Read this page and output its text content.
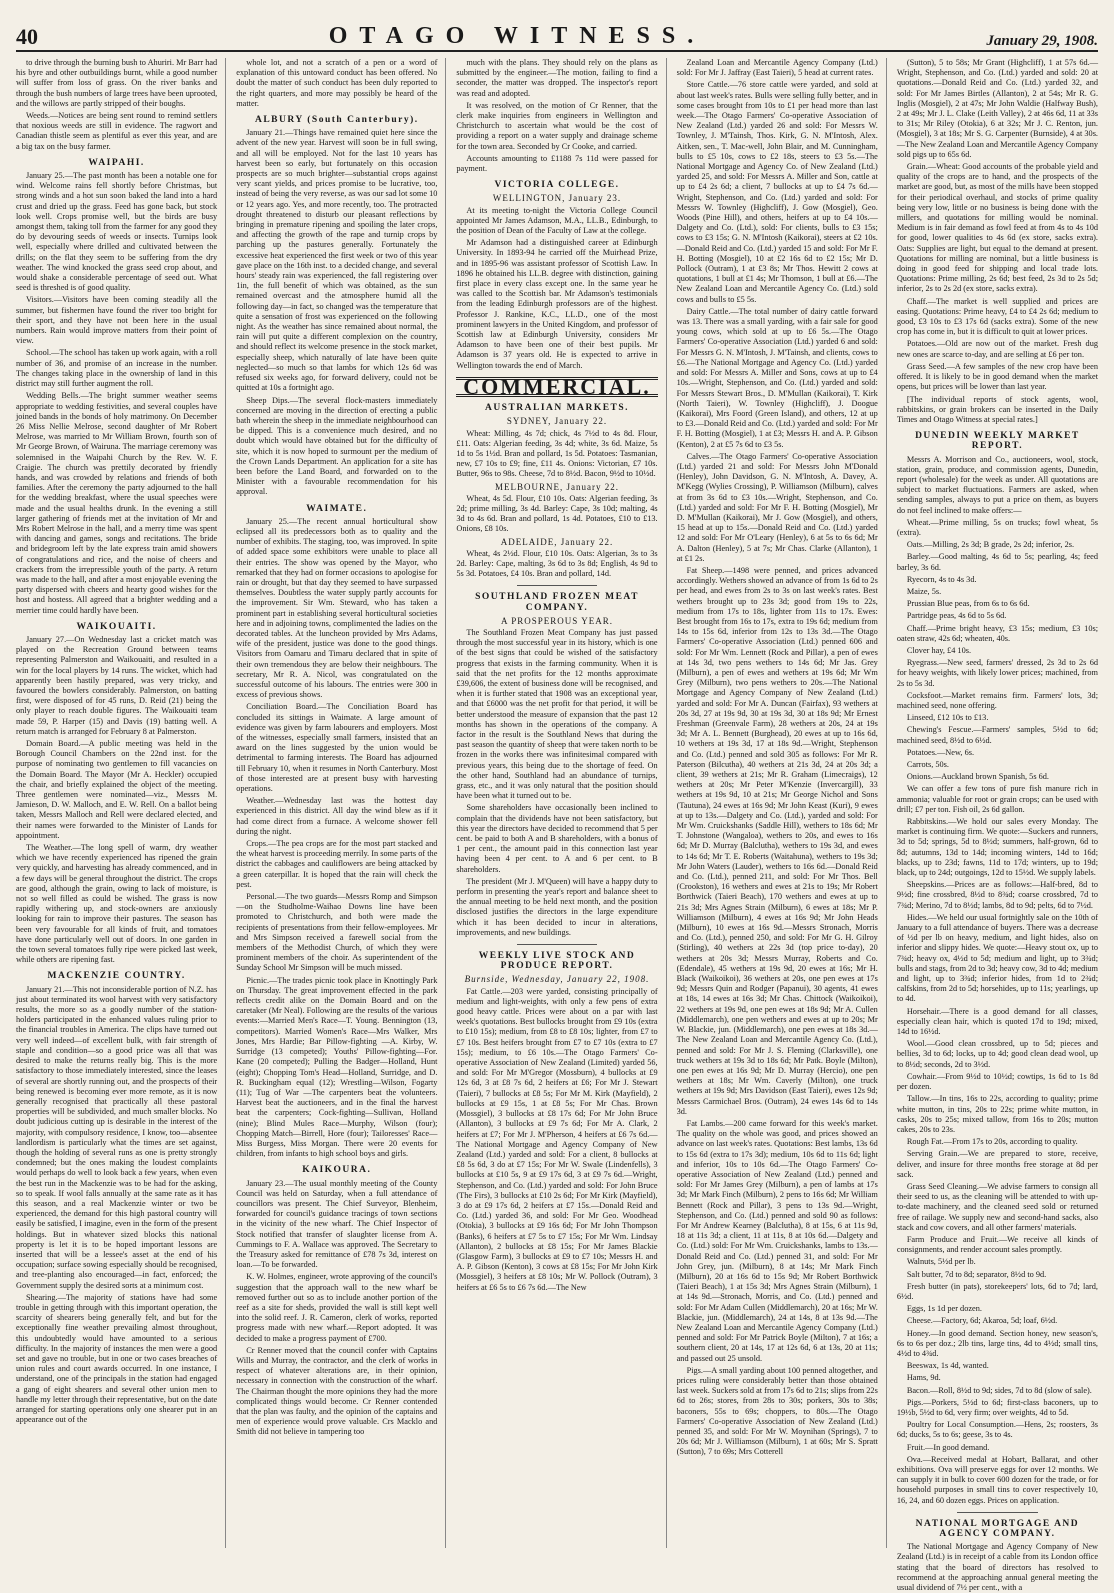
40	OTAGO WITNESS.	January 29, 1908.

to drive through the burning bush to Ahuriri. Mr Barr had his byre and other outbuildings burnt, while a good number will suffer from loss of grass. On the river banks and through the bush numbers of large trees have been uprooted, and the willows are partly stripped of their boughs.

Weeds.—Notices are being sent round to remind settlers that noxious weeds are still in evidence. The ragwort and Canadian thistle seem as plentiful as ever this year, and are a big tax on the busy farmer.

WAIPAHI.

January 25.—The past month has been a notable one for wind. Welcome rains fell shortly before Christmas, but strong winds and a hot sun soon baked the land into a hard crust and dried up the grass. Feed has gone back, but stock look well. Crops promise well, but the birds are busy amongst them, taking toll from the farmer for any good they do by devouring seeds of weeds or insects. Turnips look well, especially where drilled and cultivated between the drills; on the flat they seem to be suffering from the dry weather. The wind knocked the grass seed crop about, and would shake a considerable percentage of seed out. What seed is threshed is of good quality.

Visitors.—Visitors have been coming steadily all the summer, but fishermen have found the river too bright for their sport, and they have not been here in the usual numbers. Rain would improve matters from their point of view.

School.—The school has taken up work again, with a roll number of 36, and promise of an increase in the number. The changes taking place in the ownership of land in this district may still further augment the roll.

Wedding Bells.—The bright summer weather seems appropriate to wedding festivities, and several couples have joined bands in the bonds of holy matrimony. On December 26 Miss Nellie Melrose, second daughter of Mr Robert Melrose, was married to Mr William Brown, fourth son of Mr George Brown, of Wairuna. The marriage ceremony was solemnised in the Waipahi Church by the Rev. W. F. Craigie. The church was prettily decorated by friendly hands, and was crowded by relations and friends of both families. After the ceremony the party adjourned to the hall for the wedding breakfast, where the usual speeches were made and the usual healths drunk. In the evening a still larger gathering of friends met at the invitation of Mr and Mrs Robert Melrose in the hall, and a merry time was spent with dancing and games, songs and recitations. The bride and bridegroom left by the late express train amid showers of congratulations and rice, and the noise of cheers and crackers from the irrepressible youth of the party. A return was made to the hall, and after a most enjoyable evening the party dispersed with cheers and hearty good wishes for the host and hostess. All agreed that a brighter wedding and a merrier time could hardly have been.

WAIKOUAITI.

January 27.—On Wednesday last a cricket match was played on the Recreation Ground between teams representing Palmerston and Waikouaiti, and resulted in a win for the local players by 14 runs. The wicket, which had apparently been hastily prepared, was very tricky, and favoured the bowlers considerably. Palmerston, on batting first, were disposed of for 45 runs, D. Reid (21) being the only player to reach double figures. The Waikouaiti team made 59, P. Harper (15) and Davis (19) batting well. A return match is arranged for February 8 at Palmerston.

Domain Board.—A public meeting was held in the Borough Council Chambers on the 22nd inst. for the purpose of nominating two gentlemen to fill vacancies on the Domain Board. The Mayor (Mr A. Heckler) occupied the chair, and briefly explained the object of the meeting. Three gentlemen were nominated—viz., Messrs M. Jamieson, D. W. Malloch, and E. W. Rell. On a ballot being taken, Messrs Malloch and Rell were declared elected, and their names were forwarded to the Minister of Lands for appointment.

The Weather.—The long spell of warm, dry weather which we have recently experienced has ripened the grain very quickly, and harvesting has already commenced, and in a few days will be general throughout the district. The crops are good, although the grain, owing to lack of moisture, is not so well filled as could be wished. The grass is now rapidly withering up, and stock-owners are anxiously looking for rain to improve their pastures. The season has been very favourable for all kinds of fruit, and tomatoes have done particularly well out of doors. In one garden in the town several tomatoes fully ripe were picked last week, while others are ripening fast.

MACKENZIE COUNTRY.

January 21.—This not inconsiderable portion of N.Z. has just about terminated its wool harvest with very satisfactory results, the more so as a goodly number of the station-holders participated in the enhanced values ruling prior to the financial troubles in America. The clips have turned out very well indeed—of excellent bulk, with fair strength of staple and condition—so a good price was all that was desired to make the returns really big. This is the more satisfactory to those immediately interested, since the leases of several are shortly running out, and the prospects of their being renewed is becoming ever more remote, as it is now generally recognised that practically all these pastoral properties will be subdivided, and much smaller blocks. No doubt judicious cutting up is desirable in the interest of the majority, with compulsory residence, I know, too—absentee landlordism is particularly what the times are set against, though the holding of several runs as one is pretty strongly condemned; but the ones making the loudest complaints would perhaps do well to look back a few years, when even the best run in the Mackenzie was to be had for the asking, so to speak. If wool falls annually at the same rate as it has this season, and a real Mackenzie winter or two be experienced, the demand for this high pastoral country will easily be satisfied, I imagine, even in the form of the present holdings. But in whatever sized blocks this national property is let it is to be hoped important lessons are inserted that will be a lessee's asset at the end of his occupation; surface sowing especially should be recognised, and tree-planting also encouraged—in fact, enforced; the Government supply the desired sorts at a minimum cost.

Shearing.—The majority of stations have had some trouble in getting through with this important operation, the scarcity of shearers being generally felt, and but for the exceptionally fine weather prevailing almost throughout, this undoubtedly would have amounted to a serious difficulty. In the majority of instances the men were a good set and gave no trouble, but in one or two cases breaches of union rules and court awards occurred. In one instance, I understand, one of the principals in the station had engaged a gang of eight shearers and several other union men to handle my letter through their representative, but on the date arranged for starting operations only one shearer put in an appearance out of the

whole lot, and not a scratch of a pen or a word of explanation of this untoward conduct has been offered. No doubt the matter of such conduct has been duly reported to the right quarters, and more may possibly be heard of the matter.

ALBURY (South Canterbury).

January 21.—Things have remained quiet here since the advent of the new year. Harvest will soon be in full swing, and all will be employed. Not for the last 10 years has harvest been so early, but fortunately on this occasion prospects are so much brighter—substantial crops against very scant yields, and prices promise to be lucrative, too, instead of being the very reverse, as was our sad lot some 10 or 12 years ago. Yes, and more recently, too. The protracted drought threatened to disturb our pleasant reflections by bringing in premature ripening and spoiling the later crops, and affecting the growth of the rape and turnip crops by parching up the pastures generally. Fortunately the excessive heat experienced the first week or two of this year gave place on the 16th inst. to a decided change, and several hours' steady rain was experienced, the fall registering over 1in, the full benefit of which was obtained, as the sun remained overcast and the atmosphere humid all the following day—in fact, so changed was the temperature that quite a sensation of frost was experienced on the following night. As the weather has since remained about normal, the rain will put quite a different complexion on the country, and should reflect its welcome presence in the stock market, especially sheep, which naturally of late have been quite neglected—so much so that lambs for which 12s 6d was refused six weeks ago, for forward delivery, could not be quitted at 10s a fortnight ago.

Sheep Dips.—The several flock-masters immediately concerned are moving in the direction of erecting a public bath wherein the sheep in the immediate neighbourhood can be dipped. This is a convenience much desired, and no doubt which would have obtained but for the difficulty of site, which it is now hoped to surmount per the medium of the Crown Lands Department. An application for a site has been before the Land Board, and forwarded on to the Minister with a favourable recommendation for his approval.

WAIMATE.

January 25.—The recent annual horticultural show eclipsed all its predecessors both as to quality and the number of exhibits. The staging, too, was improved. In spite of added space some exhibitors were unable to place all their entries. The show was opened by the Mayor, who remarked that they had on former occasions to apologise for rain or drought, but that day they seemed to have surpassed themselves. Doubtless the water supply partly accounts for the improvement. Sir Wm. Steward, who has taken a prominent part in establishing several horticultural societies here and in adjoining towns, complimented the ladies on the decorated tables. At the luncheon provided by Mrs Adams, wife of the president, justice was done to the good things. Visitors from Oamaru and Timaru declared that in spite of their own tremendous they are below their neighbours. The secretary, Mr R. A. Nicol, was congratulated on the successful outcome of his labours. The entries were 300 in excess of previous shows.

Conciliation Board.—The Conciliation Board has concluded its sittings in Waimate. A large amount of evidence was given by farm labourers and employers. Most of the witnesses, especially small farmers, insisted that an award on the lines suggested by the union would be detrimental to farming interests. The Board has adjourned till February 10, when it resumes in North Canterbury. Most of those interested are at present busy with harvesting operations.

Weather.—Wednesday last was the hottest day experienced in this district. All day the wind blew as if it had come direct from a furnace. A welcome shower fell during the night.

Crops.—The pea crops are for the most part stacked and the wheat harvest is proceeding merrily. In some parts of the district the cabbages and cauliflowers are being attacked by a green caterpillar. It is hoped that the rain will check the pest.

Personal.—The two guards—Messrs Romp and Simpson—on the Studholme-Waihao Downs line have been promoted to Christchurch, and both were made the recipients of presentations from their fellow-employees. Mr and Mrs Simpson received a farewell social from the members of the Methodist Church, of which they were prominent members of the choir. As superintendent of the Sunday School Mr Simpson will be much missed.

Picnic.—The trades picnic took place in Knottingly Park on Thursday. The great improvement effected in the park reflects credit alike on the Domain Board and on the caretaker (Mr Neal). Following are the results of the various events:—Married Men's Race—T. Young. Bennington (13, competitors). Married Women's Race—Mrs Walker, Mrs Jones, Mrs Hardie; Bar Pillow-fighting —A. Kirby, W. Surridge (13 competed); Youths' Pillow-fighting—For. Kane (20 competed); Pulling the Badger—Holland, Hunt (eight); Chopping Tom's Head—Holland, Surridge, and D. R. Buckingham equal (12); Wrestling—Wilson, Fogarty (11); Tug of War —The carpenters beat the volunteers. Harvest beat the auctioneers, and in the final the harvest beat the carpenters; Cock-fighting—Sullivan, Holland (nine); Blind Mules Race—Murphy, Wilson (four); Chopping Match—Birrell, Hore (four); Tailoresses' Race—Miss Burgess, Miss Morgan. There were 20 events for children, from infants to high school boys and girls.

KAIKOURA.

January 23.—The usual monthly meeting of the County Council was held on Saturday, when a full attendance of councillors was present. The Chief Surveyor, Blenheim, forwarded for council's guidance tracings of town sections in the vicinity of the new wharf. The Chief Inspector of Stock notified that transfer of slaughter license from A. Cummings to F. A. Wallace was approved. The Secretary to the Treasury asked for remittance of £78 7s 3d, interest on loan.—To be forwarded.

K. W. Holmes, engineer, wrote approving of the council's suggestion that the approach wall to the new wharf be removed further out so as to include another portion of the reef as a site for sheds, provided the wall is still kept well into the solid reef. J. R. Cameron, clerk of works, reported progress made with new wharf.—Report adopted. It was decided to make a progress payment of £700.

Cr Renner moved that the council confer with Captains Wills and Murray, the contractor, and the clerk of works in respect of whatever alterations are, in their opinion, necessary in connection with the construction of the wharf. The Chairman thought the more opinions they had the more complicated things would become. Cr Renner contended that the plan was faulty, and the opinion of the captains and men of experience would prove valuable. Crs Macklo and Smith did not believe in tampering too

much with the plans. They should rely on the plans as submitted by the engineer.—The motion, failing to find a seconder, the matter was dropped. The inspector's report was read and adopted.

It was resolved, on the motion of Cr Renner, that the clerk make inquiries from engineers in Wellington and Christchurch to ascertain what would be the cost of providing a report on a water supply and drainage scheme for the town area. Seconded by Cr Cooke, and carried.

Accounts amounting to £1188 7s 11d were passed for payment.

VICTORIA COLLEGE.
WELLINGTON, January 23.

At its meeting to-night the Victoria College Council appointed Mr James Adamson, M.A., LL.B., Edinburgh, to the position of Dean of the Faculty of Law at the college.

Mr Adamson had a distinguished career at Edinburgh University. In 1893-94 he carried off the Muirhead Prize, and in 1895-96 was assistant professor of Scottish Law. In 1896 he obtained his LL.B. degree with distinction, gaining first place in every class except one. In the same year he was called to the Scottish bar. Mr Adamson's testimonials from the leading Edinburgh professors are of the highest. Professor J. Rankine, K.C., LL.D., one of the most prominent lawyers in the United Kingdom, and professor of Scottish law at Edinburgh University, considers Mr Adamson to have been one of their best pupils. Mr Adamson is 37 years old. He is expected to arrive in Wellington towards the end of March.

COMMERCIAL.
AUSTRALIAN MARKETS.
SYDNEY, January 22.

Wheat: Milling, 4s 7d; chick, 4s 7½d to 4s 8d. Flour, £11. Oats: Algerian feeding, 3s 4d; white, 3s 6d. Maize, 5s 1d to 5s 1½d. Bran and pollard, 1s 5d. Potatoes: Tasmanian, new, £7 10s to £9; fine, £11 4s. Onions: Victorian, £7 10s. Butter, 96s to 98s. Cheese, 7d to 8½d. Bacon, 9½d to 10½d.

MELBOURNE, January 22.

Wheat, 4s 5d. Flour, £10 10s. Oats: Algerian feeding, 3s 2d; prime milling, 3s 4d. Barley: Cape, 3s 10d; malting, 4s 3d to 4s 6d. Bran and pollard, 1s 4d. Potatoes, £10 to £13. Onions, £8 10s.

ADELAIDE, January 22.

Wheat, 4s 2½d. Flour, £10 10s. Oats: Algerian, 3s to 3s 2d. Barley: Cape, malting, 3s 6d to 3s 8d; English, 4s 9d to 5s 3d. Potatoes, £4 10s. Bran and pollard, 14d.

SOUTHLAND FROZEN MEAT COMPANY.
A PROSPEROUS YEAR.

The Southland Frozen Meat Company has just passed through the most successful year in its history, which is one of the best signs that could be wished of the satisfactory progress that exists in the farming community. When it is said that the net profits for the 12 months approximate £39,606, the extent of business done will be recognised, and when it is further stated that 1908 was an exceptional year, and that £6000 was the net profit for that period, it will be better understood the measure of expansion that the past 12 months has shown in the operations of the company. A factor in the result is the Southland News that during the past season the quantity of sheep that were taken north to be frozen in the works there was infinitesimal compared with previous years, this being due to the shortage of feed. On the other hand, Southland had an abundance of turnips, grass, etc., and it was only natural that the position should have been what it turned out to be.

Some shareholders have occasionally been inclined to complain that the dividends have not been satisfactory, but this year the directors have decided to recommend that 5 per cent. be paid to both A and B shareholders, with a bonus of 1 per cent., the amount paid in this connection last year having been 4 per cent. to A and 6 per cent. to B shareholders.

The president (Mr J. M'Queen) will have a happy duty to perform in presenting the year's report and balance sheet to the annual meeting to be held next month, and the position disclosed justifies the directors in the large expenditure which it has been decided to incur in alterations, improvements, and new buildings.

WEEKLY LIVE STOCK AND PRODUCE REPORT.
Burnside, Wednesday, January 22, 1908.

Fat Cattle.—203 were yarded, consisting principally of medium and light-weights, with only a few pens of extra good heavy cattle. Prices were about on a par with last week's quotations. Best bullocks brought from £9 10s (extra to £10 15s); medium, from £8 to £8 10s; lighter, from £7 to £7 10s. Best heifers brought from £7 to £7 10s (extra to £7 15s); medium, to £6 10s.—The Otago Farmers' Co-operative Association of New Zealand (Limited) yarded 56, and sold: For Mr M'Gregor (Mossburn), 4 bullocks at £9 12s 6d, 3 at £8 7s 6d, 2 heifers at £6; For Mr J. Stewart (Taieri), 7 bullocks at £8 5s; For Mr M. Kirk (Mayfield), 2 bullocks at £9 15s, 1 at £8 5s; For Mr Chas. Brown (Mossgiel), 3 bullocks at £8 17s 6d; For Mr John Bruce (Allanton), 3 bullocks at £9 7s 6d; For Mr A. Clark, 2 heifers at £7; For Mr J. M'Pherson, 4 heifers at £6 7s 6d.—The National Mortgage and Agency Company of New Zealand (Ltd.) yarded and sold: For a client, 8 bullocks at £8 5s 6d, 3 do at £7 15s; For Mr W. Swale (Lindenfells), 3 bullocks at £10 5s, 9 at £9 17s 6d, 3 at £9 7s 6d.—Wright, Stephenson, and Co. (Ltd.) yarded and sold: For John Bruce (The Firs), 3 bullocks at £10 2s 6d; For Mr Kirk (Mayfield), 3 do at £9 17s 6d, 2 heifers at £7 15s.—Donald Reid and Co. (Ltd.) yarded 36, and sold: For Mr Geo. Woodhead (Otokia), 3 bullocks at £9 16s 6d; For Mr John Thompson (Banks), 6 heifers at £7 5s to £7 15s; For Mr Wm. Lindsay (Allanton), 2 bullocks at £8 15s; For Mr James Blackie (Glasgow Farm), 3 bullocks at £9 to £7 10s; Messrs H. and A. P. Gibson (Kenton), 3 cows at £8 15s; For Mr John Kirk (Mossgiel), 3 heifers at £8 10s; Mr W. Pollock (Outram), 3 heifers at £6 5s to £6 7s 6d.—The New

Zealand Loan and Mercantile Agency Company (Ltd.) sold: For Mr J. Jaffray (East Taieri), 5 head at current rates.

Store Cattle.—76 store cattle were yarded, and sold at about last week's rates. Bulls were selling fully better, and in some cases brought from 10s to £1 per head more than last week.—The Otago Farmers' Co-operative Association of New Zealand (Ltd.) yarded 26 and sold: For Messrs W. Townley, J. M'Tainsh, Thos. Kirk, G. N. M'Intosh, Alex. Aitken, sen., T. Mac-well, John Blair, and M. Cunningham, bulls to £5 10s, cows to £2 18s, steers to £3 5s.—The National Mortgage and Agency Co. of New Zealand (Ltd.) yarded 25, and sold: For Messrs A. Miller and Son, cattle at up to £4 2s 6d; a client, 7 bullocks at up to £4 7s 6d.—Wright, Stephenson, and Co. (Ltd.) yarded and sold: For Messrs W. Townley (Highcliff), J. Gow (Mosgiel), Geo. Woods (Pine Hill), and others, heifers at up to £4 10s.—Dalgety and Co. (Ltd.), sold: For clients, bulls to £3 15s; cows to £3 15s; G. N. M'Intosh (Kaikorai), steers at £2 10s.—Donald Reid and Co. (Ltd.) yarded 15 and sold: For Mr F. H. Botting (Mosgiel), 10 at £2 16s 6d to £2 15s; Mr D. Pollock (Outram), 1 at £3 8s; Mr Thos. Hewitt 2 cows at quotations, 1 bull at £1 4s; Mr Thomson, 1 bull at £6.—The New Zealand Loan and Mercantile Agency Co. (Ltd.) sold cows and bulls to £5 5s.

Dairy Cattle.—The total number of dairy cattle forward was 13. There was a small yarding, with a fair sale for good young cows, which sold at up to £6 5s.—The Otago Farmers' Co-operative Association (Ltd.) yarded 6 and sold: For Messrs G. N. M'Intosh, J. M'Tainsh, and clients, cows to £6.—The National Mortgage and Agency Co. (Ltd.) yarded and sold: For Messrs A. Miller and Sons, cows at up to £4 10s.—Wright, Stephenson, and Co. (Ltd.) yarded and sold: For Messrs Stewart Bros., D. M'Mullan (Kaikorai), T. Kirk (North Taieri), W. Townley (Highcliff), J. Doogue (Kaikorai), Mrs Foord (Green Island), and others, 12 at up to £3.—Donald Reid and Co. (Ltd.) yarded and sold: For Mr F. H. Botting (Mosgiel), 1 at £3; Messrs H. and A. P. Gibson (Kenton), 2 at £5 7s 6d to £3 5s.

Calves.—The Otago Farmers' Co-operative Association (Ltd.) yarded 21 and sold: For Messrs John M'Donald (Henley), John Davidson, G. N. M'Intosh, A. Davey, A. M'Kegg (Wylies Crossing), P. Williamson (Milburn), calves at from 3s 6d to £3 10s.—Wright, Stephenson, and Co. (Ltd.) yarded and sold: For Mr F. H. Botting (Mosgiel), Mr D. M'Mullan (Kaikorai), Mr J. Gow (Mosgiel), and others, 15 head at up to 15s.—Donald Reid and Co. (Ltd.) yarded 12 and sold: For Mr O'Leary (Henley), 6 at 5s to 6s 6d; Mr A. Dalton (Henley), 5 at 7s; Mr Chas. Clarke (Allanton), 1 at £1 2s.

Fat Sheep.—1498 were penned, and prices advanced accordingly. Wethers showed an advance of from 1s 6d to 2s per head, and ewes from 2s to 3s on last week's rates. Best wethers brought up to 23s 3d; good from 19s to 22s, medium from 17s to 18s, lighter from 11s to 17s. Ewes: Best brought from 16s to 17s, extra to 19s 6d; medium from 14s to 15s 6d, inferior from 12s to 13s 3d.—The Otago Farmers' Co-operative Association (Ltd.) penned 606 and sold: For Mr Wm. Lennett (Rock and Pillar), a pen of ewes at 14s 3d, two pens wethers to 14s 6d; Mr Jas. Grey (Milburn), a pen of ewes and wethers at 19s 6d; Mr Wm Grey (Milburn), two pens wethers to 20s.—The National Mortgage and Agency Company of New Zealand (Ltd.) yarded and sold: For Mr A. Duncan (Fairfax), 93 wethers at 20s 3d, 27 at 19s 9d, 30 at 19s 3d, 30 at 18s 9d; Mr Ernest Freshman (Greenvale Farm), 28 wethers at 20s, 24 at 19s 3d; Mr A. L. Bennett (Burghead), 20 ewes at up to 16s 6d, 10 wethers at 19s 3d, 17 at 18s 9d.—Wright, Stephenson and Co. (Ltd.) penned and sold 305 as follows: For Mr R. Paterson (Bilcutha), 40 wethers at 21s 3d, 24 at 20s 3d; a client, 39 wethers at 21s; Mr R. Graham (Limecraigs), 12 wethers at 20s; Mr Peter M'Kenzie (Invercargill), 33 wethers at 19s 9d, 10 at 21s; Mr George Nichol and Sons (Tautuna), 24 ewes at 16s 9d; Mr John Keast (Kuri), 9 ewes at up to 13s.—Dalgety and Co. (Ltd.), yarded and sold: For Mr Wm. Cruickshanks (Saddle Hill), wethers to 18s 6d; Mr T. Johnstone (Wangaloa), wethers to 20s, and ewes to 16s 6d; Mr D. Murray (Balclutha), wethers to 19s 3d, and ewes to 14s 6d; Mr T. E. Roberts (Waitahuna), wethers to 19s 3d; Mr John Waters (Lauder), wethers to 16s 6d.—Donald Reid and Co. (Ltd.), penned 211, and sold: For Mr Thos. Bell (Crookston), 16 wethers and ewes at 21s to 19s; Mr Robert Borthwick (Taieri Beach), 170 wethers and ewes at up to 21s 3d; Mrs Agnes Strain (Milburn), 6 ewes at 18s; Mr P. Williamson (Milburn), 4 ewes at 16s 9d; Mr John Heads (Milburn), 10 ewes at 16s 9d.—Messrs Stronach, Morris and Co. (Ltd.), penned 250, and sold: For Mr G. H. Gilroy (Stirling), 40 wethers at 22s 3d (top price to-day), 20 wethers at 20s 3d; Messrs Murray, Roberts and Co. (Edendale), 45 wethers at 19s 9d, 20 ewes at 16s; Mr H. Black (Waikoikoi), 36 wethers at 20s, one pen ewes at 17s 9d; Messrs Quin and Rodger (Papanui), 30 agents, 41 ewes at 18s, 14 ewes at 16s 3d; Mr Chas. Chittock (Waikoikoi), 22 wethers at 19s 9d, one pen ewes at 18s 9d; Mr A. Cullen (Middlemarch), one pen wethers and ewes at up to 20s; Mr W. Blackie, jun. (Middlemarch), one pen ewes at 18s 3d.—The New Zealand Loan and Mercantile Agency Co. (Ltd.), penned and sold: For Mr J. S. Fleming (Clarksville), one truck wethers at 19s 3d to 18s 6d; Mr Patk. Boyle (Milton), one pen ewes at 16s 9d; Mr D. Murray (Hercio), one pen wethers at 18s; Mr Wm. Caverly (Milton), one truck wethers at 19s 9d; Mrs Davidson (East Taieri), ewes 12s 9d; Messrs Carmichael Bros. (Outram), 24 ewes 14s 6d to 14s 3d.

Fat Lambs.—200 came forward for this week's market. The quality on the whole was good, and prices showed an advance on last week's rates. Quotations: Best lambs, 13s 6d to 15s 6d (extra to 17s 3d); medium, 10s 6d to 11s 6d; light and inferior, 10s to 10s 6d.—The Otago Farmers' Co-operative Association of New Zealand (Ltd.) penned and sold: For Mr James Grey (Milburn), a pen of lambs at 17s 3d; Mr Mark Finch (Milburn), 2 pens to 16s 6d; Mr William Bennett (Rock and Pillar), 3 pens to 13s 9d.—Wright, Stephenson, and Co. (Ltd.) penned and sold 90 as follows: For Mr Andrew Kearney (Balclutha), 8 at 15s, 6 at 11s 9d, 18 at 11s 3d; a client, 11 at 11s, 8 at 10s 6d.—Dalgety and Co. (Ltd.) sold: For Mr Wm. Cruickshanks, lambs to 13s.—Donald Reid and Co. (Ltd.) penned 31, and sold: For Mr John Grey, jun. (Milburn), 8 at 14s; Mr Mark Finch (Milburn), 20 at 16s 6d to 15s 9d; Mr Robert Borthwick (Taieri Beach), 1 at 15s 3d; Mrs Agnes Strain (Milburn), 1 at 14s 9d.—Stronach, Morris, and Co. (Ltd.) penned and sold: For Mr Adam Cullen (Middlemarch), 20 at 16s; Mr W. Blackie, jun. (Middlemarch), 24 at 14s, 8 at 13s 9d.—The New Zealand Loan and Mercantile Agency Company (Ltd.) penned and sold: For Mr Patrick Boyle (Milton), 7 at 16s; a southern client, 20 at 14s, 17 at 12s 6d, 6 at 13s, 20 at 11s; and passed out 25 unsold.

Pigs.—A small yarding about 100 penned altogether, and prices ruling were considerably better than those obtained last week. Suckers sold at from 17s 6d to 21s; slips from 22s 6d to 26s; stores, from 28s to 30s; porkers, 30s to 38s; baconers, 55s to 69s; choppers, to 80s.—The Otago Farmers' Co-operative Association of New Zealand (Ltd.) penned 35, and sold: For Mr W. Moynihan (Springs), 7 to 20s 6d; Mr J. Williamson (Milburn), 1 at 60s; Mr S. Spratt (Sutton), 7 to 69s; Mrs Cotterell

(Sutton), 5 to 58s; Mr Grant (Highcliff), 1 at 57s 6d.—Wright, Stephenson, and Co. (Ltd.) yarded and sold: 20 at quotations.—Donald Reid and Co. (Ltd.) yarded 32, and sold: For Mr James Birtles (Allanton), 2 at 54s; Mr R. G. Inglis (Mosgiel), 2 at 47s; Mr John Waldie (Halfway Bush), 2 at 49s; Mr J. L. Clake (Leith Valley), 2 at 46s 6d, 11 at 33s to 31s; Mr Riley (Otokia), 6 at 32s; Mr J. C. Renton, jun. (Mosgiel), 3 at 18s; Mr S. G. Carpenter (Burnside), 4 at 30s.—The New Zealand Loan and Mercantile Agency Company sold pigs up to 65s 6d.

Grain.—Wheat: Good accounts of the probable yield and quality of the crops are to hand, and the prospects of the market are good, but, as most of the mills have been stopped for their periodical overhaul, and stocks of prime quality being very low, little or no business is being done with the millers, and quotations for milling would be nominal. Medium is in fair demand as fowl feed at from 4s to 4s 10d for good, lower qualities to 4s 6d (ex store, sacks extra). Oats: Supplies are light, but equal to the demand at present. Quotations for milling are nominal, but a little business is doing in good feed for shipping and local trade lots. Quotations: Prime milling, 2s 6d; best feed, 2s 3d to 2s 5d; inferior, 2s to 2s 2d (ex store, sacks extra).

Chaff.—The market is well supplied and prices are easing. Quotations: Prime heavy, £4 to £4 2s 6d; medium to good, £3 10s to £3 17s 6d (sacks extra). Some of the new crop has come in, but it is difficult to quit at lower prices.

Potatoes.—Old are now out of the market. Fresh dug new ones are scarce to-day, and are selling at £6 per ton.

Grass Seed.—A few samples of the new crop have been offered. It is likely to be in good demand when the market opens, but prices will be lower than last year.

[The individual reports of stock agents, wool, rabbitskins, or grain brokers can be inserted in the Daily Times and Otago Witness at special rates.]

DUNEDIN WEEKLY MARKET REPORT.

Messrs A. Morrison and Co., auctioneers, wool, stock, station, grain, produce, and commission agents, Dunedin, report (wholesale) for the week as under. All quotations are subject to market fluctuations. Farmers are asked, when sending samples, always to put a price on them, as buyers do not feel inclined to make offers:—

Wheat.—Prime milling, 5s on trucks; fowl wheat, 5s (extra).

Oats.—Milling, 2s 3d; B grade, 2s 2d; inferior, 2s.

Barley.—Good malting, 4s 6d to 5s; pearling, 4s; feed barley, 3s 6d.

Ryecorn, 4s to 4s 3d.

Maize, 5s.

Prussian Blue peas, from 6s to 6s 6d.

Partridge peas, 4s 6d to 5s 6d.

Chaff.—Prime bright heavy, £3 15s; medium, £3 10s; oaten straw, 42s 6d; wheaten, 40s.

Clover hay, £4 10s.

Ryegrass.—New seed, farmers' dressed, 2s 3d to 2s 6d for heavy weights, with likely lower prices; machined, from 2s to 5s 3d.

Cocksfoot.—Market remains firm. Farmers' lots, 3d; machined seed, none offering.

Linseed, £12 10s to £13.

Chewing's Fescue.—Farmers' samples, 5½d to 6d; machined seed, 8½d to 6½d.

Potatoes.—New, 6s.

Carrots, 50s.

Onions.—Auckland brown Spanish, 5s 6d.

We can offer a few tons of pure fish manure rich in ammonia; valuable for root or grain crops; can be used with drill; £7 per ton. Fish oil, 2s 6d gallon.

Rabbitskins.—We hold our sales every Monday. The market is continuing firm. We quote:—Suckers and runners, 3d to 5d; springs, 5d to 8½d; summers, half-grown, 6d to 8d; autumns, 13d to 14d; incoming winters, 14d to 16d; blacks, up to 23d; fawns, 11d to 17d; winters, up to 19d; black, up to 24d; outgoings, 12d to 15½d. We supply labels.

Sheepskins.—Prices are as follows:—Half-bred, 8d to 9½d; fine crossbred, 8½d to 8¾d; coarse crossbred, 7d to 7¾d; Merino, 7d to 8½d; lambs, 8d to 9d; pelts, 6d to 7½d.

Hides.—We held our usual fortnightly sale on the 10th of January to a full attendance of buyers. There was a decrease of ½d per lb on heavy, medium, and light hides, also on inferior and slippy hides. We quote:—Heavy stout ox, up to 7¾d; heavy ox, 4½d to 5d; medium and light, up to 3¾d; bulls and stags, from 2d to 3d; heavy cow, 3d to 4d; medium and light, up to 3¾d; inferior hides, from 1d to 2¾d; calfskins, from 2d to 5d; horsehides, up to 11s; yearlings, up to 4d.

Horsehair.—There is a good demand for all classes, especially clean hair, which is quoted 17d to 19d; mixed, 14d to 16½d.

Wool.—Good clean crossbred, up to 5d; pieces and bellies, 3d to 6d; locks, up to 4d; good clean dead wool, up to 8½d; seconds, 2d to 3½d.

Cowhair.—From 9½d to 10½d; cowtips, 1s 6d to 1s 8d per dozen.

Tallow.—In tins, 16s to 22s, according to quality; prime white mutton, in tins, 20s to 22s; prime white mutton, in casks, 20s to 25s; mixed tallow, from 16s to 20s; mutton cakes, 20s to 23s.

Rough Fat.—From 17s to 20s, according to quality.

Serving Grain.—We are prepared to store, receive, deliver, and insure for three months free storage at 8d per sack.

Grass Seed Cleaning.—We advise farmers to consign all their seed to us, as the cleaning will be attended to with up-to-date machinery, and the cleaned seed sold or returned free of railage. We supply new and second-hand sacks, also stack and cow covers, and all other farmers' materials.

Farm Produce and Fruit.—We receive all kinds of consignments, and render account sales promptly.

Walnuts, 5½d per lb.

Salt butter, 7d to 8d; separator, 8½d to 9d.

Fresh butter (in pats), storekeepers' lots, 6d to 7d; lard, 6½d.

Eggs, 1s 1d per dozen.

Cheese.—Factory, 6d; Akaroa, 5d; loaf, 6½d.

Honey.—In good demand. Section honey, new season's, 6s to 6s per doz.; 2lb tins, large tins, 4d to 4½d; small tins, 4½d to 4¾d.

Beeswax, 1s 4d, wanted.

Hams, 9d.

Bacon.—Roll, 8½d to 9d; sides, 7d to 8d (slow of sale).

Pigs.—Porkers, 5½d to 6d; first-class baconers, up to 19½b, 5½d to 6d, very firm; over weights, 4d to 5d.

Poultry for Local Consumption.—Hens, 2s; roosters, 3s 6d; ducks, 5s to 6s; geese, 3s to 4s.

Fruit.—In good demand.

Ova.—Received medal at Hobart, Ballarat, and other exhibitions. Ova will preserve eggs for over 12 months. We can supply it in bulk to cover 600 dozen for the trade, or for household purposes in small tins to cover respectively 10, 16, 24, and 60 dozen eggs. Prices on application.

NATIONAL MORTGAGE AND AGENCY COMPANY.

The National Mortgage and Agency Company of New Zealand (Ltd.) is in receipt of a cable from its London office stating that the board of directors has resolved to recommend at the approaching annual general meeting the usual dividend of 7½ per cent., with a
